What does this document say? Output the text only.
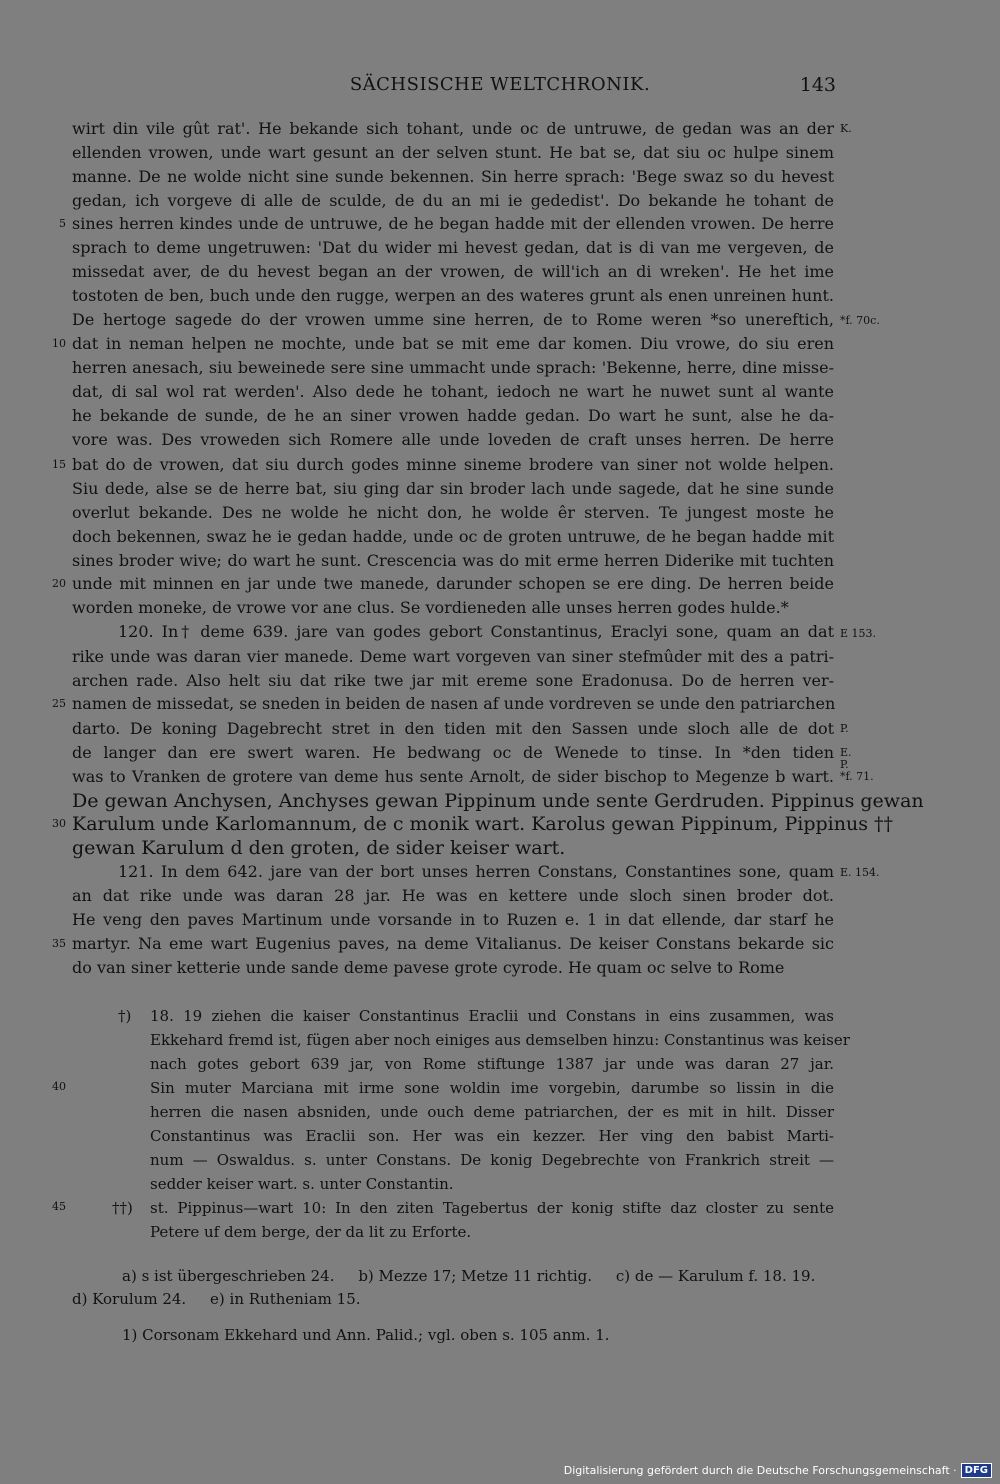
SÄCHSISCHE WELTCHRONIK.	143
wirt din vile gût rat'. He bekande sich tohant, unde oc de untruwe, de gedan was an der
ellenden vrowen, unde wart gesunt an der selven stunt. He bat se, dat siu oc hulpe sinem
manne. De ne wolde nicht sine sunde bekennen. Sin herre sprach: 'Bege swaz so du hevest
gedan, ich vorgeve di alle de sculde, de du an mi ie gededist'. Do bekande he tohant de
sines herren kindes unde de untruwe, de he began hadde mit der ellenden vrowen. De herre
sprach to deme ungetruwen: 'Dat du wider mi hevest gedan, dat is di van me vergeven, de
missedat aver, de du hevest began an der vrowen, de will'ich an di wreken'. He het ime
tostoten de ben, buch unde den rugge, werpen an des wateres grunt als enen unreinen hunt.
De hertoge sagede do der vrowen umme sine herren, de to Rome weren *so unereftich,
dat in neman helpen ne mochte, unde bat se mit eme dar komen. Diu vrowe, do siu eren
herren anesach, siu beweinede sere sine ummacht unde sprach: 'Bekenne, herre, dine misse-
dat, di sal wol rat werden'. Also dede he tohant, iedoch ne wart he nuwet sunt al wante
he bekande de sunde, de he an siner vrowen hadde gedan. Do wart he sunt, alse he da-
vore was. Des vroweden sich Romere alle unde loveden de craft unses herren. De herre
bat do de vrowen, dat siu durch godes minne sineme brodere van siner not wolde helpen.
Siu dede, alse se de herre bat, siu ging dar sin broder lach unde sagede, dat he sine sunde
overlut bekande. Des ne wolde he nicht don, he wolde êr sterven. Te jungest moste he
doch bekennen, swaz he ie gedan hadde, unde oc de groten untruwe, de he began hadde mit
sines broder wive; do wart he sunt. Crescencia was do mit erme herren Diderike mit tuchten
unde mit minnen en jar unde twe manede, darunder schopen se ere ding. De herren beide
worden moneke, de vrowe vor ane clus. Se vordieneden alle unses herren godes hulde.*
120. In† deme 639. jare van godes gebort Constantinus, Eraclyi sone, quam an dat
rike unde was daran vier manede. Deme wart vorgeven van siner stefmûder mit des a patri-
archen rade. Also helt siu dat rike twe jar mit ereme sone Eradonusa. Do de herren ver-
namen de missedat, se sneden in beiden de nasen af unde vordreven se unde den patriarchen
darto. De koning Dagebrecht stret in den tiden mit den Sassen unde sloch alle de dot
de langer dan ere swert waren. He bedwang oc de Wenede to tinse. In *den tiden
was to Vranken de grotere van deme hus sente Arnolt, de sider bischop to Megenze b wart.
De gewan Anchysen, Anchyses gewan Pippinum unde sente Gerdruden. Pippinus gewan
Karulum unde Karlomannum, de c monik wart. Karolus gewan Pippinum, Pippinus ††
gewan Karulum d den groten, de sider keiser wart.
121. In dem 642. jare van der bort unses herren Constans, Constantines sone, quam
an dat rike unde was daran 28 jar. He was en kettere unde sloch sinen broder dot.
He veng den paves Martinum unde vorsande in to Ruzen e. 1 in dat ellende, dar starf he
martyr. Na eme wart Eugenius paves, na deme Vitalianus. De keiser Constans bekarde sic
do van siner ketterie unde sande deme pavese grote cyrode. He quam oc selve to Rome
5
10
15
20
25
30
35
40
45
K.
*f. 70c.
E 153.
P.
E.
P.
*f. 71.
E. 154.
†) 18. 19 ziehen die kaiser Constantinus Eraclii und Constans in eins zusammen, was
Ekkehard fremd ist, fügen aber noch einiges aus demselben hinzu: Constantinus was keiser
nach gotes gebort 639 jar, von Rome stiftunge 1387 jar unde was daran 27 jar.
Sin muter Marciana mit irme sone woldin ime vorgebin, darumbe so lissin in die
herren die nasen absniden, unde ouch deme patriarchen, der es mit in hilt. Disser
Constantinus was Eraclii son. Her was ein kezzer. Her ving den babist Marti-
num — Oswaldus. s. unter Constans. De konig Degebrechte von Frankrich streit —
sedder keiser wart. s. unter Constantin.
††) st. Pippinus—wart 10: In den ziten Tagebertus der konig stifte daz closter zu sente
Petere uf dem berge, der da lit zu Erforte.
a) s ist übergeschrieben 24.     b) Mezze 17; Metze 11 richtig.     c) de — Karulum f. 18. 19.
d) Korulum 24.     e) in Rutheniam 15.
1) Corsonam Ekkehard und Ann. Palid.; vgl. oben s. 105 anm. 1.
Digitalisierung gefördert durch die Deutsche Forschungsgemeinschaft · DFG
